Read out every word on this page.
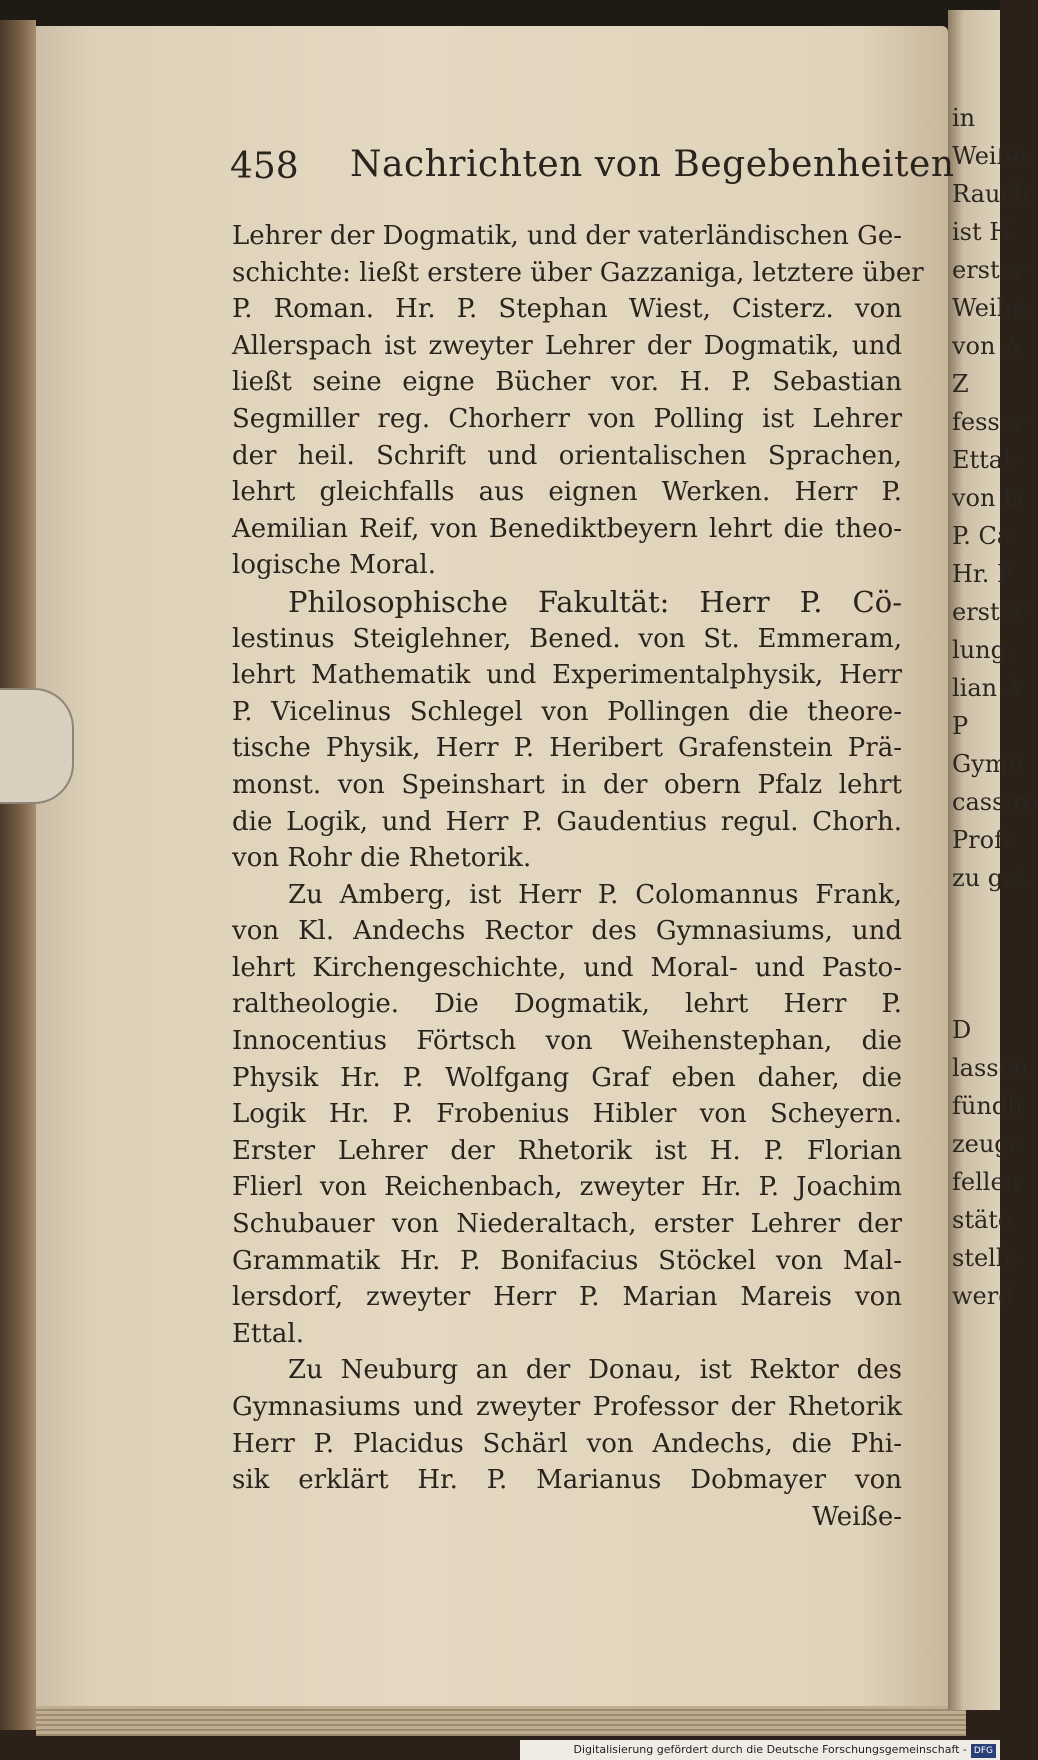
in
Weiße
Rauch
ist H.
erster
Weihe
von A
Z
fessor
Ettal;
von D
P. Ca
Hr. P
erster
lung,
lian A
P
Gymn
cassire
Profe
zu gei
D
lassen
fündli
zeuge
fellen
stäte
stelle
werd
458 Nachrichten von Begebenheiten
Lehrer der Dogmatik, und der vaterländischen Ge-
schichte: ließt erstere über Gazzaniga, letztere über
P. Roman. Hr. P. Stephan Wiest, Cisterz. von
Allerspach ist zweyter Lehrer der Dogmatik, und
ließt seine eigne Bücher vor. H. P. Sebastian
Segmiller reg. Chorherr von Polling ist Lehrer
der heil. Schrift und orientalischen Sprachen,
lehrt gleichfalls aus eignen Werken. Herr P.
Aemilian Reif, von Benediktbeyern lehrt die theo-
logische Moral.
Philosophische Fakultät: Herr P. Cö-
lestinus Steiglehner, Bened. von St. Emmeram,
lehrt Mathematik und Experimentalphysik, Herr
P. Vicelinus Schlegel von Pollingen die theore-
tische Physik, Herr P. Heribert Grafenstein Prä-
monst. von Speinshart in der obern Pfalz lehrt
die Logik, und Herr P. Gaudentius regul. Chorh.
von Rohr die Rhetorik.
Zu Amberg, ist Herr P. Colomannus Frank,
von Kl. Andechs Rector des Gymnasiums, und
lehrt Kirchengeschichte, und Moral- und Pasto-
raltheologie. Die Dogmatik, lehrt Herr P.
Innocentius Förtsch von Weihenstephan, die
Physik Hr. P. Wolfgang Graf eben daher, die
Logik Hr. P. Frobenius Hibler von Scheyern.
Erster Lehrer der Rhetorik ist H. P. Florian
Flierl von Reichenbach, zweyter Hr. P. Joachim
Schubauer von Niederaltach, erster Lehrer der
Grammatik Hr. P. Bonifacius Stöckel von Mal-
lersdorf, zweyter Herr P. Marian Mareis von
Ettal.
Zu Neuburg an der Donau, ist Rektor des
Gymnasiums und zweyter Professor der Rhetorik
Herr P. Placidus Schärl von Andechs, die Phi-
sik erklärt Hr. P. Marianus Dobmayer von
Weiße-
Digitalisierung gefördert durch die Deutsche Forschungsgemeinschaft - DFG
